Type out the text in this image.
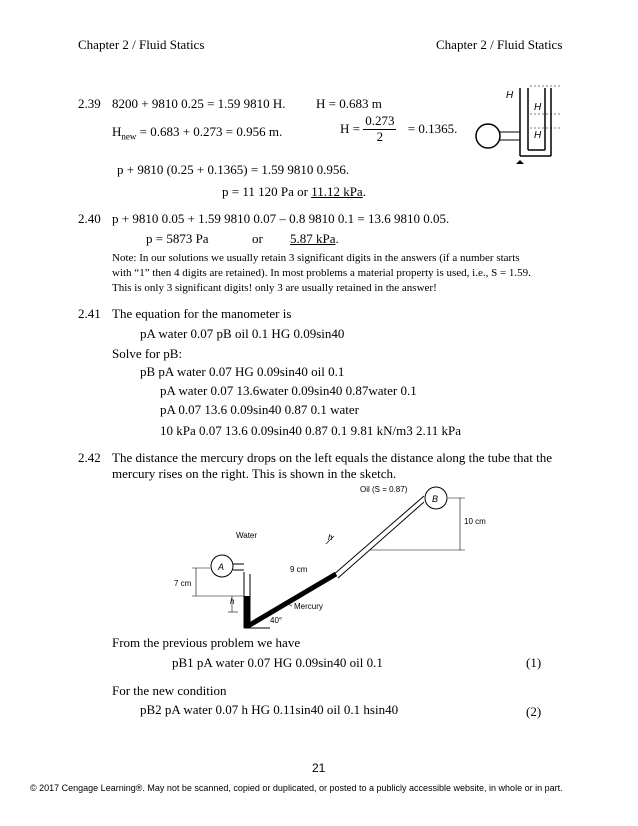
Chapter 2 / Fluid Statics	Chapter 2 / Fluid Statics
2.39 8200 + 9810 0.25 = 1.59 9810 H. H = 0.683 m
$H_{new} = 0.683 + 0.273 = 0.956$ m.	$H = \frac{0.273}{2} = 0.1365$.
H
H
H
p + 9810 (0.25 + 0.1365) = 1.59 9810 0.956.
p = 11 120 Pa or 11.12 kPa.
2.40 p + 9810 0.05 + 1.59 9810 0.07 – 0.8 9810 0.1 = 13.6 9810 0.05.
p = 5873 Pa	or 5.87 kPa.
Note: In our solutions we usually retain 3 significant digits in the answers (if a number starts
with “1” then 4 digits are retained). In most problems a material property is used, i.e., S = 1.59.
This is only 3 significant digits! only 3 are usually retained in the answer!
2.41 The equation for the manometer is
pA water 0.07 pB oil 0.1 HG 0.09sin40
Solve for pB:
pB pA water 0.07 HG 0.09sin40 oil 0.1
pA water 0.07 13.6water 0.09sin40 0.87water 0.1
pA 0.07 13.6 0.09sin40 0.87 0.1 water
10 kPa 0.07 13.6 0.09sin40 0.87 0.1 9.81 kN/m3 2.11 kPa
2.42 The distance the mercury drops on the left equals the distance along the tube that the
mercury rises on the right. This is shown in the sketch.
B
Oil (S = 0.87)
10 cm
h
9 cm
A
Water
7 cm
h
Mercury
40°
From the previous problem we have
pB1 pA water 0.07 HG 0.09sin40 oil 0.1	(1)
For the new condition
pB2 pA water 0.07 h HG 0.11sin40 oil 0.1 hsin40	(2)
21
© 2017 Cengage Learning®. May not be scanned, copied or duplicated, or posted to a publicly accessible website, in whole or in part.
